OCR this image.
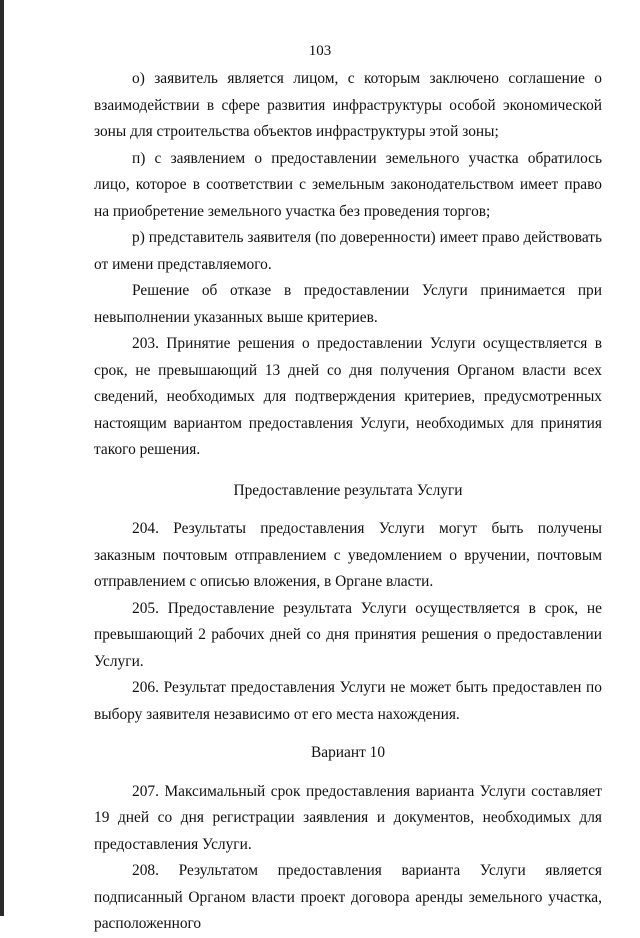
103

о) заявитель является лицом, с которым заключено соглашение о взаимодействии в сфере развития инфраструктуры особой экономической зоны для строительства объектов инфраструктуры этой зоны;

п) с заявлением о предоставлении земельного участка обратилось лицо, которое в соответствии с земельным законодательством имеет право на приобретение земельного участка без проведения торгов;

р) представитель заявителя (по доверенности) имеет право действовать от имени представляемого.

Решение об отказе в предоставлении Услуги принимается при невыполнении указанных выше критериев.

203. Принятие решения о предоставлении Услуги осуществляется в срок, не превышающий 13 дней со дня получения Органом власти всех сведений, необходимых для подтверждения критериев, предусмотренных настоящим вариантом предоставления Услуги, необходимых для принятия такого решения.

Предоставление результата Услуги

204. Результаты предоставления Услуги могут быть получены заказным почтовым отправлением с уведомлением о вручении, почтовым отправлением с описью вложения, в Органе власти.

205. Предоставление результата Услуги осуществляется в срок, не превышающий 2 рабочих дней со дня принятия решения о предоставлении Услуги.

206. Результат предоставления Услуги не может быть предоставлен по выбору заявителя независимо от его места нахождения.

Вариант 10

207. Максимальный срок предоставления варианта Услуги составляет 19 дней со дня регистрации заявления и документов, необходимых для предоставления Услуги.

208. Результатом предоставления варианта Услуги является подписанный Органом власти проект договора аренды земельного участка, расположенного
